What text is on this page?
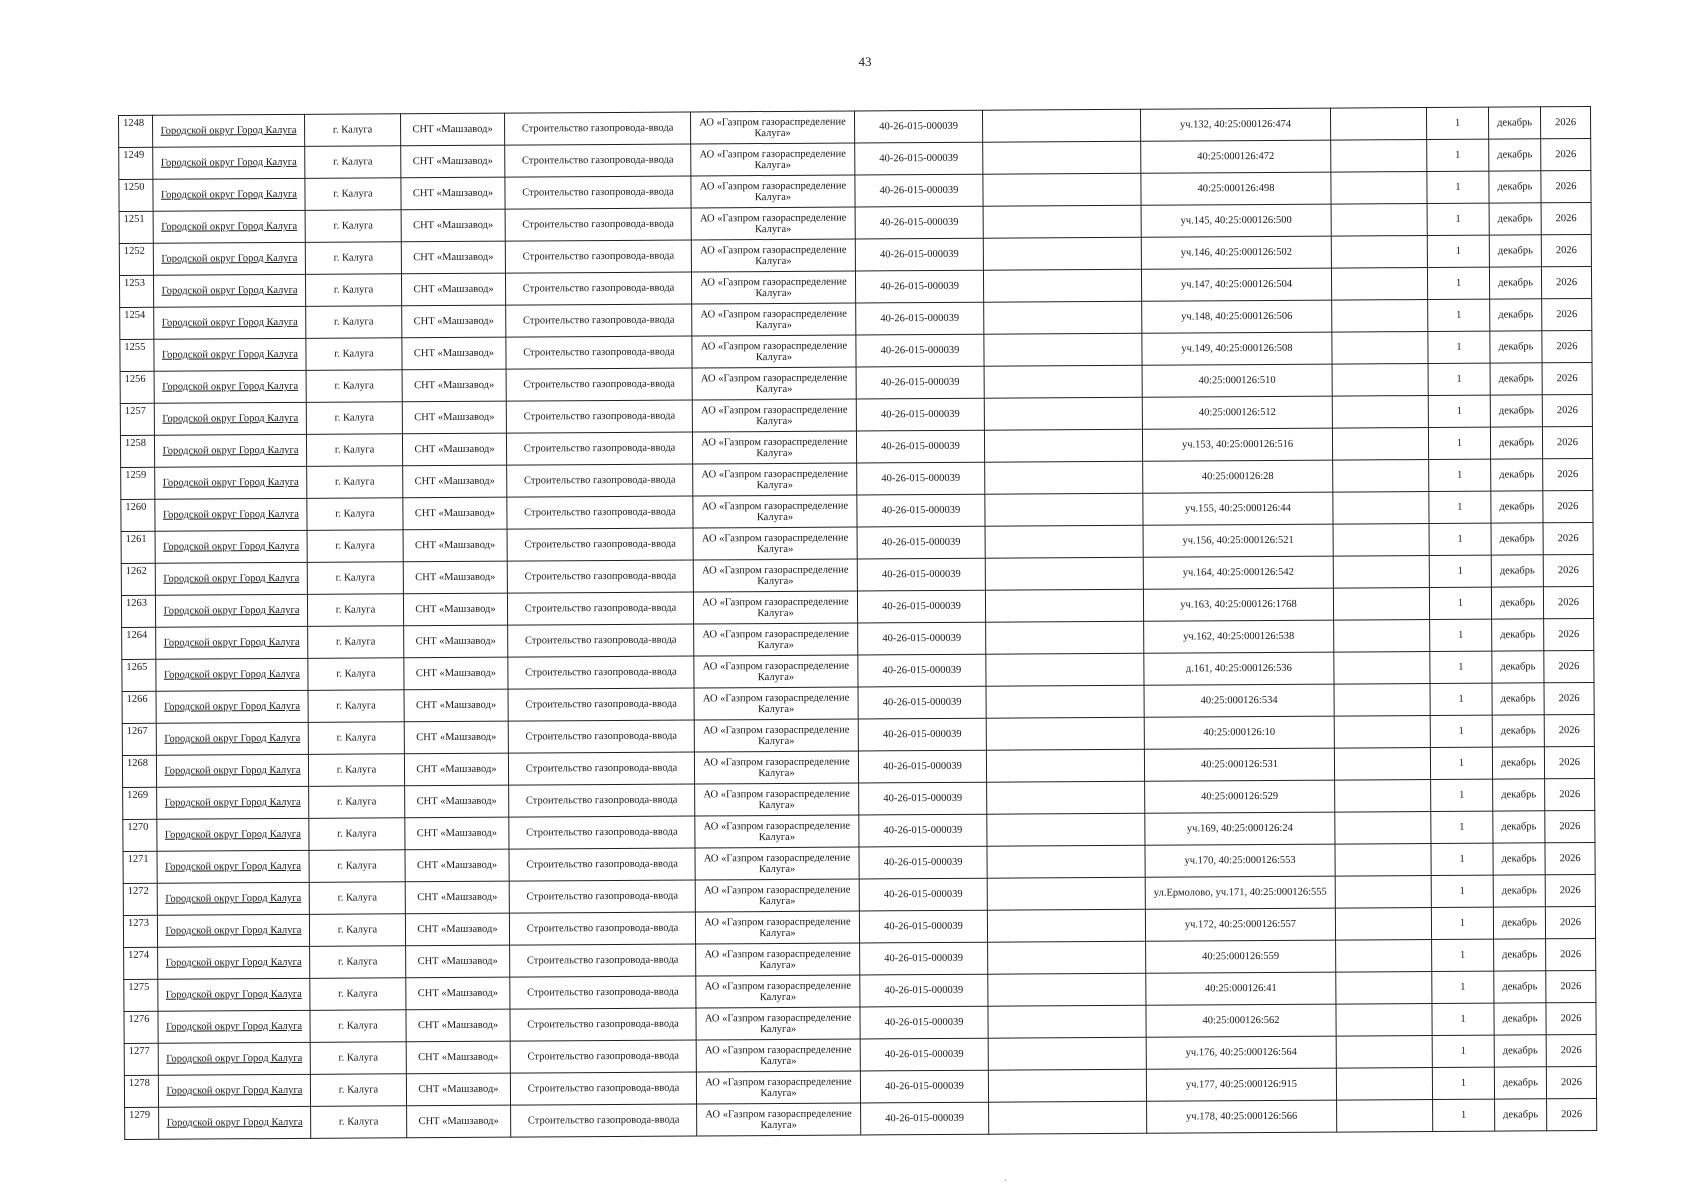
43
1248	Городской округ Город Калуга	г. Калуга	СНТ «Машзавод»	Строительство газопровода-ввода	АО «Газпром газораспределение Калуга»	40-26-015-000039		уч.132, 40:25:000126:474		1	декабрь	2026
1249	Городской округ Город Калуга	г. Калуга	СНТ «Машзавод»	Строительство газопровода-ввода	АО «Газпром газораспределение Калуга»	40-26-015-000039		40:25:000126:472		1	декабрь	2026
1250	Городской округ Город Калуга	г. Калуга	СНТ «Машзавод»	Строительство газопровода-ввода	АО «Газпром газораспределение Калуга»	40-26-015-000039		40:25:000126:498		1	декабрь	2026
1251	Городской округ Город Калуга	г. Калуга	СНТ «Машзавод»	Строительство газопровода-ввода	АО «Газпром газораспределение Калуга»	40-26-015-000039		уч.145, 40:25:000126:500		1	декабрь	2026
1252	Городской округ Город Калуга	г. Калуга	СНТ «Машзавод»	Строительство газопровода-ввода	АО «Газпром газораспределение Калуга»	40-26-015-000039		уч.146, 40:25:000126:502		1	декабрь	2026
1253	Городской округ Город Калуга	г. Калуга	СНТ «Машзавод»	Строительство газопровода-ввода	АО «Газпром газораспределение Калуга»	40-26-015-000039		уч.147, 40:25:000126:504		1	декабрь	2026
1254	Городской округ Город Калуга	г. Калуга	СНТ «Машзавод»	Строительство газопровода-ввода	АО «Газпром газораспределение Калуга»	40-26-015-000039		уч.148, 40:25:000126:506		1	декабрь	2026
1255	Городской округ Город Калуга	г. Калуга	СНТ «Машзавод»	Строительство газопровода-ввода	АО «Газпром газораспределение Калуга»	40-26-015-000039		уч.149, 40:25:000126:508		1	декабрь	2026
1256	Городской округ Город Калуга	г. Калуга	СНТ «Машзавод»	Строительство газопровода-ввода	АО «Газпром газораспределение Калуга»	40-26-015-000039		40:25:000126:510		1	декабрь	2026
1257	Городской округ Город Калуга	г. Калуга	СНТ «Машзавод»	Строительство газопровода-ввода	АО «Газпром газораспределение Калуга»	40-26-015-000039		40:25:000126:512		1	декабрь	2026
1258	Городской округ Город Калуга	г. Калуга	СНТ «Машзавод»	Строительство газопровода-ввода	АО «Газпром газораспределение Калуга»	40-26-015-000039		уч.153, 40:25:000126:516		1	декабрь	2026
1259	Городской округ Город Калуга	г. Калуга	СНТ «Машзавод»	Строительство газопровода-ввода	АО «Газпром газораспределение Калуга»	40-26-015-000039		40:25:000126:28		1	декабрь	2026
1260	Городской округ Город Калуга	г. Калуга	СНТ «Машзавод»	Строительство газопровода-ввода	АО «Газпром газораспределение Калуга»	40-26-015-000039		уч.155, 40:25:000126:44		1	декабрь	2026
1261	Городской округ Город Калуга	г. Калуга	СНТ «Машзавод»	Строительство газопровода-ввода	АО «Газпром газораспределение Калуга»	40-26-015-000039		уч.156, 40:25:000126:521		1	декабрь	2026
1262	Городской округ Город Калуга	г. Калуга	СНТ «Машзавод»	Строительство газопровода-ввода	АО «Газпром газораспределение Калуга»	40-26-015-000039		уч.164, 40:25:000126:542		1	декабрь	2026
1263	Городской округ Город Калуга	г. Калуга	СНТ «Машзавод»	Строительство газопровода-ввода	АО «Газпром газораспределение Калуга»	40-26-015-000039		уч.163, 40:25:000126:1768		1	декабрь	2026
1264	Городской округ Город Калуга	г. Калуга	СНТ «Машзавод»	Строительство газопровода-ввода	АО «Газпром газораспределение Калуга»	40-26-015-000039		уч.162, 40:25:000126:538		1	декабрь	2026
1265	Городской округ Город Калуга	г. Калуга	СНТ «Машзавод»	Строительство газопровода-ввода	АО «Газпром газораспределение Калуга»	40-26-015-000039		д.161, 40:25:000126:536		1	декабрь	2026
1266	Городской округ Город Калуга	г. Калуга	СНТ «Машзавод»	Строительство газопровода-ввода	АО «Газпром газораспределение Калуга»	40-26-015-000039		40:25:000126:534		1	декабрь	2026
1267	Городской округ Город Калуга	г. Калуга	СНТ «Машзавод»	Строительство газопровода-ввода	АО «Газпром газораспределение Калуга»	40-26-015-000039		40:25:000126:10		1	декабрь	2026
1268	Городской округ Город Калуга	г. Калуга	СНТ «Машзавод»	Строительство газопровода-ввода	АО «Газпром газораспределение Калуга»	40-26-015-000039		40:25:000126:531		1	декабрь	2026
1269	Городской округ Город Калуга	г. Калуга	СНТ «Машзавод»	Строительство газопровода-ввода	АО «Газпром газораспределение Калуга»	40-26-015-000039		40:25:000126:529		1	декабрь	2026
1270	Городской округ Город Калуга	г. Калуга	СНТ «Машзавод»	Строительство газопровода-ввода	АО «Газпром газораспределение Калуга»	40-26-015-000039		уч.169, 40:25:000126:24		1	декабрь	2026
1271	Городской округ Город Калуга	г. Калуга	СНТ «Машзавод»	Строительство газопровода-ввода	АО «Газпром газораспределение Калуга»	40-26-015-000039		уч.170, 40:25:000126:553		1	декабрь	2026
1272	Городской округ Город Калуга	г. Калуга	СНТ «Машзавод»	Строительство газопровода-ввода	АО «Газпром газораспределение Калуга»	40-26-015-000039		ул.Ермолово, уч.171, 40:25:000126:555		1	декабрь	2026
1273	Городской округ Город Калуга	г. Калуга	СНТ «Машзавод»	Строительство газопровода-ввода	АО «Газпром газораспределение Калуга»	40-26-015-000039		уч.172, 40:25:000126:557		1	декабрь	2026
1274	Городской округ Город Калуга	г. Калуга	СНТ «Машзавод»	Строительство газопровода-ввода	АО «Газпром газораспределение Калуга»	40-26-015-000039		40:25:000126:559		1	декабрь	2026
1275	Городской округ Город Калуга	г. Калуга	СНТ «Машзавод»	Строительство газопровода-ввода	АО «Газпром газораспределение Калуга»	40-26-015-000039		40:25:000126:41		1	декабрь	2026
1276	Городской округ Город Калуга	г. Калуга	СНТ «Машзавод»	Строительство газопровода-ввода	АО «Газпром газораспределение Калуга»	40-26-015-000039		40:25:000126:562		1	декабрь	2026
1277	Городской округ Город Калуга	г. Калуга	СНТ «Машзавод»	Строительство газопровода-ввода	АО «Газпром газораспределение Калуга»	40-26-015-000039		уч.176, 40:25:000126:564		1	декабрь	2026
1278	Городской округ Город Калуга	г. Калуга	СНТ «Машзавод»	Строительство газопровода-ввода	АО «Газпром газораспределение Калуга»	40-26-015-000039		уч.177, 40:25:000126:915		1	декабрь	2026
1279	Городской округ Город Калуга	г. Калуга	СНТ «Машзавод»	Строительство газопровода-ввода	АО «Газпром газораспределение Калуга»	40-26-015-000039		уч.178, 40:25:000126:566		1	декабрь	2026
·
